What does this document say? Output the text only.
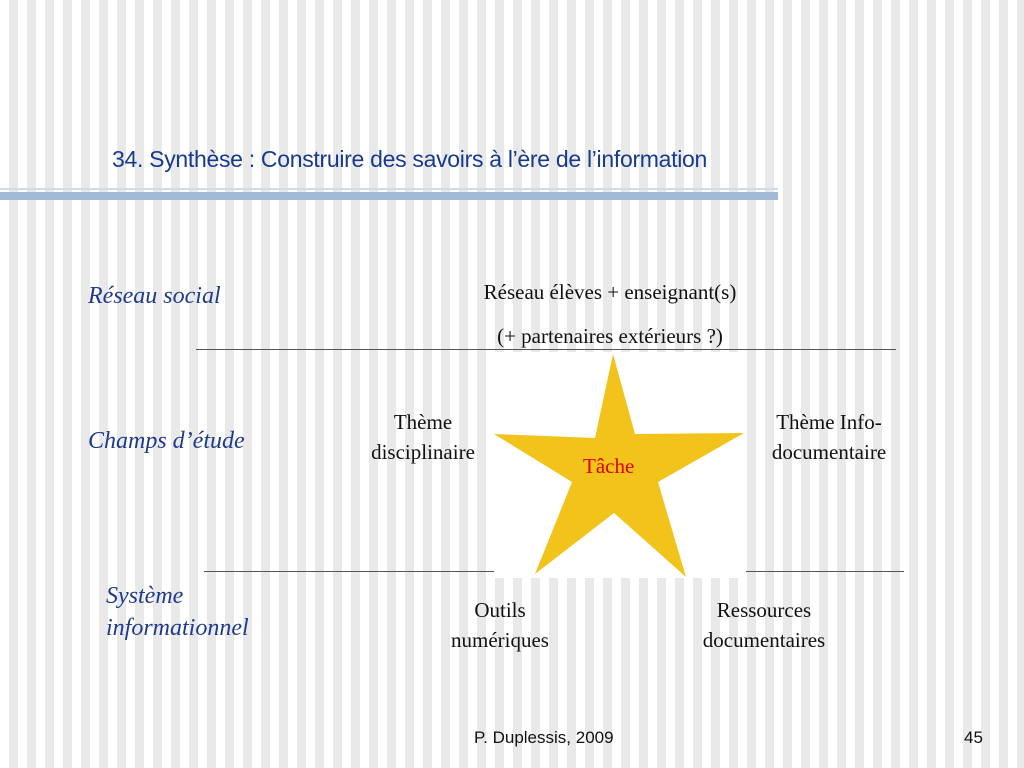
34. Synthèse : Construire des savoirs à l’ère de l’information
Réseau social
Champs d’étude
Système
informationnel
Réseau élèves + enseignant(s)
(+ partenaires extérieurs ?)
Thème
disciplinaire
Thème Info-
documentaire
Tâche
Outils
numériques
Ressources
documentaires
P. Duplessis, 2009	45
